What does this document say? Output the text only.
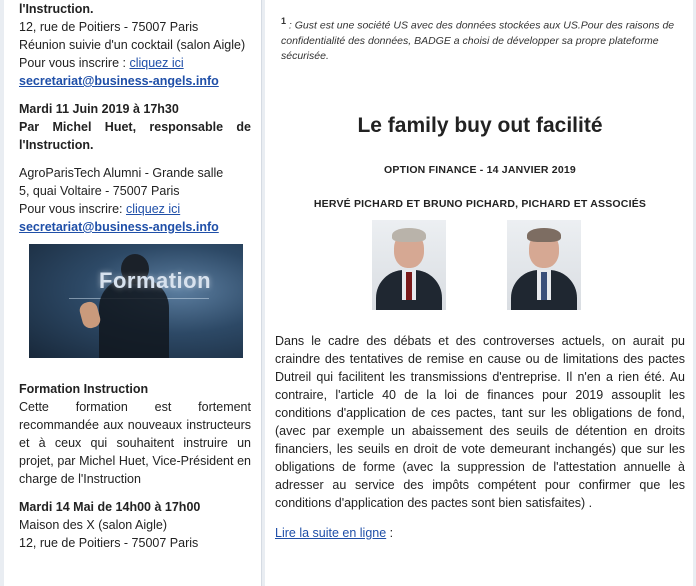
l'Instruction.
12, rue de Poitiers - 75007 Paris
Réunion suivie d'un cocktail (salon Aigle)
Pour vous inscrire : cliquez ici
secretariat@business-angels.info
Mardi 11 Juin 2019 à 17h30
Par Michel Huet, responsable de
l'Instruction.
AgroParisTech Alumni - Grande salle
5, quai Voltaire - 75007 Paris
Pour vous inscrire: cliquez ici
secretariat@business-angels.info
Formation
Formation Instruction
Cette formation est fortement recommandée aux nouveaux instructeurs et à ceux qui souhaitent instruire un projet, par Michel Huet, Vice-Président en charge de l'Instruction
Mardi 14 Mai de 14h00 à 17h00
Maison des X (salon Aigle)
12, rue de Poitiers - 75007 Paris
$^1$ : Gust est une société US avec des données stockées aux US.Pour des raisons de confidentialité des données, BADGE a choisi de développer sa propre plateforme sécurisée.
Le family buy out facilité
OPTION FINANCE - 14 JANVIER 2019
HERVÉ PICHARD ET BRUNO PICHARD, PICHARD ET ASSOCIÉS
Dans le cadre des débats et des controverses actuels, on aurait pu craindre des tentatives de remise en cause ou de limitations des pactes Dutreil qui facilitent les transmissions d'entreprise. Il n'en a rien été. Au contraire, l'article 40 de la loi de finances pour 2019 assouplit les conditions d'application de ces pactes, tant sur les obligations de fond, (avec par exemple un abaissement des seuils de détention en droits financiers, les seuils en droit de vote demeurant inchangés) que sur les obligations de forme (avec la suppression de l'attestation annuelle à adresser au service des impôts compétent pour confirmer que les conditions d'application des pactes sont bien satisfaites) .
Lire la suite en ligne :
